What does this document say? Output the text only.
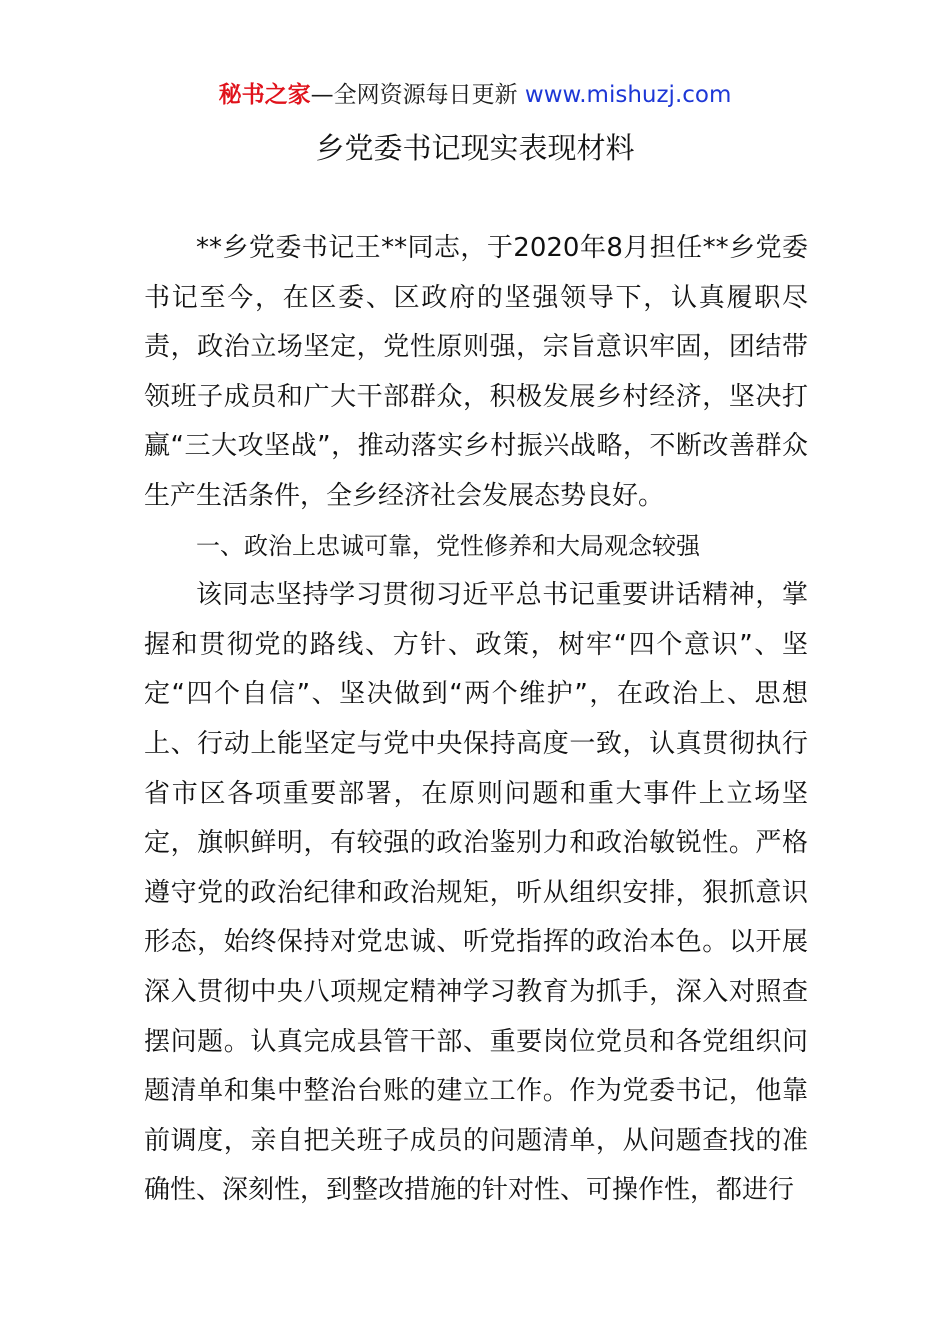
秘书之家—全网资源每日更新 www.mishuzj.com
乡党委书记现实表现材料

**乡党委书记王**同志，于2020年8月担任**乡党委书记至今，在区委、区政府的坚强领导下，认真履职尽责，政治立场坚定，党性原则强，宗旨意识牢固，团结带领班子成员和广大干部群众，积极发展乡村经济，坚决打赢“三大攻坚战”，推动落实乡村振兴战略，不断改善群众生产生活条件，全乡经济社会发展态势良好。

一、政治上忠诚可靠，党性修养和大局观念较强

该同志坚持学习贯彻习近平总书记重要讲话精神，掌握和贯彻党的路线、方针、政策，树牢“四个意识”、坚定“四个自信”、坚决做到“两个维护”，在政治上、思想上、行动上能坚定与党中央保持高度一致，认真贯彻执行省市区各项重要部署，在原则问题和重大事件上立场坚定，旗帜鲜明，有较强的政治鉴别力和政治敏锐性。严格遵守党的政治纪律和政治规矩，听从组织安排，狠抓意识形态，始终保持对党忠诚、听党指挥的政治本色。以开展深入贯彻中央八项规定精神学习教育为抓手，深入对照查摆问题。认真完成县管干部、重要岗位党员和各党组织问题清单和集中整治台账的建立工作。作为党委书记，他靠前调度，亲自把关班子成员的问题清单，从问题查找的准确性、深刻性，到整改措施的针对性、可操作性，都进行
